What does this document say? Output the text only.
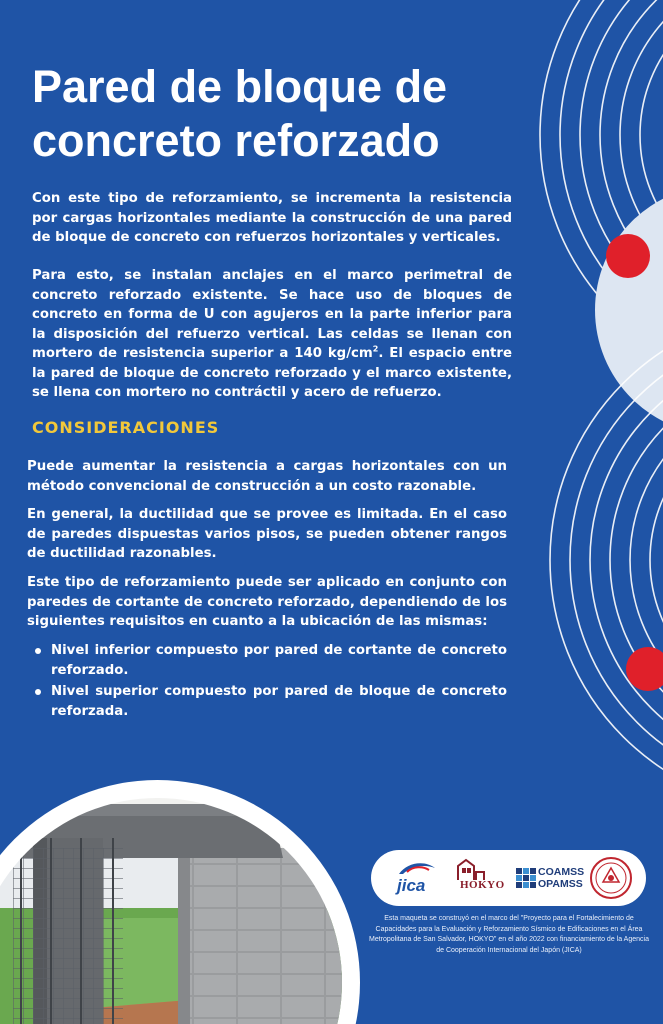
Pared de bloque de concreto reforzado

Con este tipo de reforzamiento, se incrementa la resistencia por cargas horizontales mediante la construcción de una pared de bloque de concreto con refuerzos horizontales y verticales.

Para esto, se instalan anclajes en el marco perimetral de concreto reforzado existente. Se hace uso de bloques de concreto en forma de U con agujeros en la parte inferior para la disposición del refuerzo vertical. Las celdas se llenan con mortero de resistencia superior a 140 $kg/cm^2$. El espacio entre la pared de bloque de concreto reforzado y el marco existente, se llena con mortero no contráctil y acero de refuerzo.

CONSIDERACIONES

Puede aumentar la resistencia a cargas horizontales con un método convencional de construcción a un costo razonable.

En general, la ductilidad que se provee es limitada. En el caso de paredes dispuestas varios pisos, se pueden obtener rangos de ductilidad razonables.

Este tipo de reforzamiento puede ser aplicado en conjunto con paredes de cortante de concreto reforzado, dependiendo de los siguientes requisitos en cuanto a la ubicación de las mismas:

Nivel inferior compuesto por pared de cortante de concreto reforzado.
Nivel superior compuesto por pared de bloque de concreto reforzada.
jica	HOKYO
COAMSS
OPAMSS

Esta maqueta se construyó en el marco del "Proyecto para el Fortalecimiento de Capacidades para la Evaluación y Reforzamiento Sísmico de Edificaciones en el Área Metropolitana de San Salvador, HOKYO" en el año 2022 con financiamiento de la Agencia de Cooperación Internacional del Japón (JICA)
